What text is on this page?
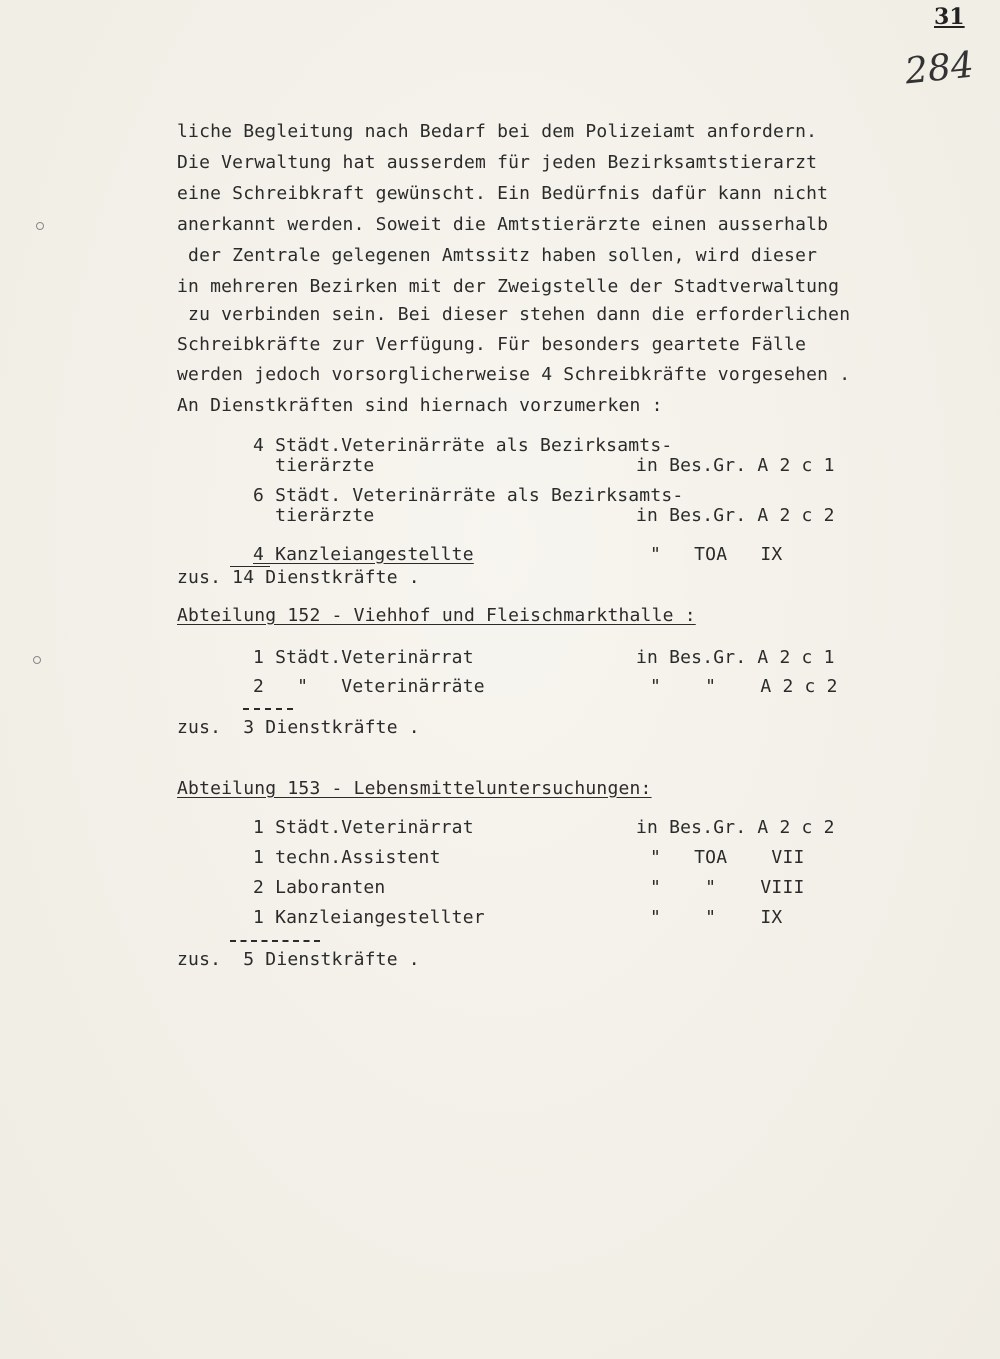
31
284
liche Begleitung nach Bedarf bei dem Polizeiamt anfordern.
Die Verwaltung hat ausserdem für jeden Bezirksamtstierarzt
eine Schreibkraft gewünscht. Ein Bedürfnis dafür kann nicht
anerkannt werden. Soweit die Amtstierärzte einen ausserhalb
der Zentrale gelegenen Amtssitz haben sollen, wird dieser
in mehreren Bezirken mit der Zweigstelle der Stadtverwaltung
zu verbinden sein. Bei dieser stehen dann die erforderlichen
Schreibkräfte zur Verfügung. Für besonders geartete Fälle
werden jedoch vorsorglicherweise 4 Schreibkräfte vorgesehen .
An Dienstkräften sind hiernach vorzumerken :
4 Städt.Veterinärräte als Bezirksamts-
tierärzte	in Bes.Gr. A 2 c 1
6 Städt. Veterinärräte als Bezirksamts-
tierärzte	in Bes.Gr. A 2 c 2
4 Kanzleiangestellte	"   TOA   IX
zus. 14 Dienstkräfte .
Abteilung 152 - Viehhof und Fleischmarkthalle :
1 Städt.Veterinärrat	in Bes.Gr. A 2 c 1
2   "   Veterinärräte	"    "    A 2 c 2
zus.  3 Dienstkräfte .
Abteilung 153 - Lebensmitteluntersuchungen:
1 Städt.Veterinärrat	in Bes.Gr. A 2 c 2
1 techn.Assistent	"   TOA    VII
2 Laboranten	"    "    VIII
1 Kanzleiangestellter	"    "    IX
zus.  5 Dienstkräfte .
